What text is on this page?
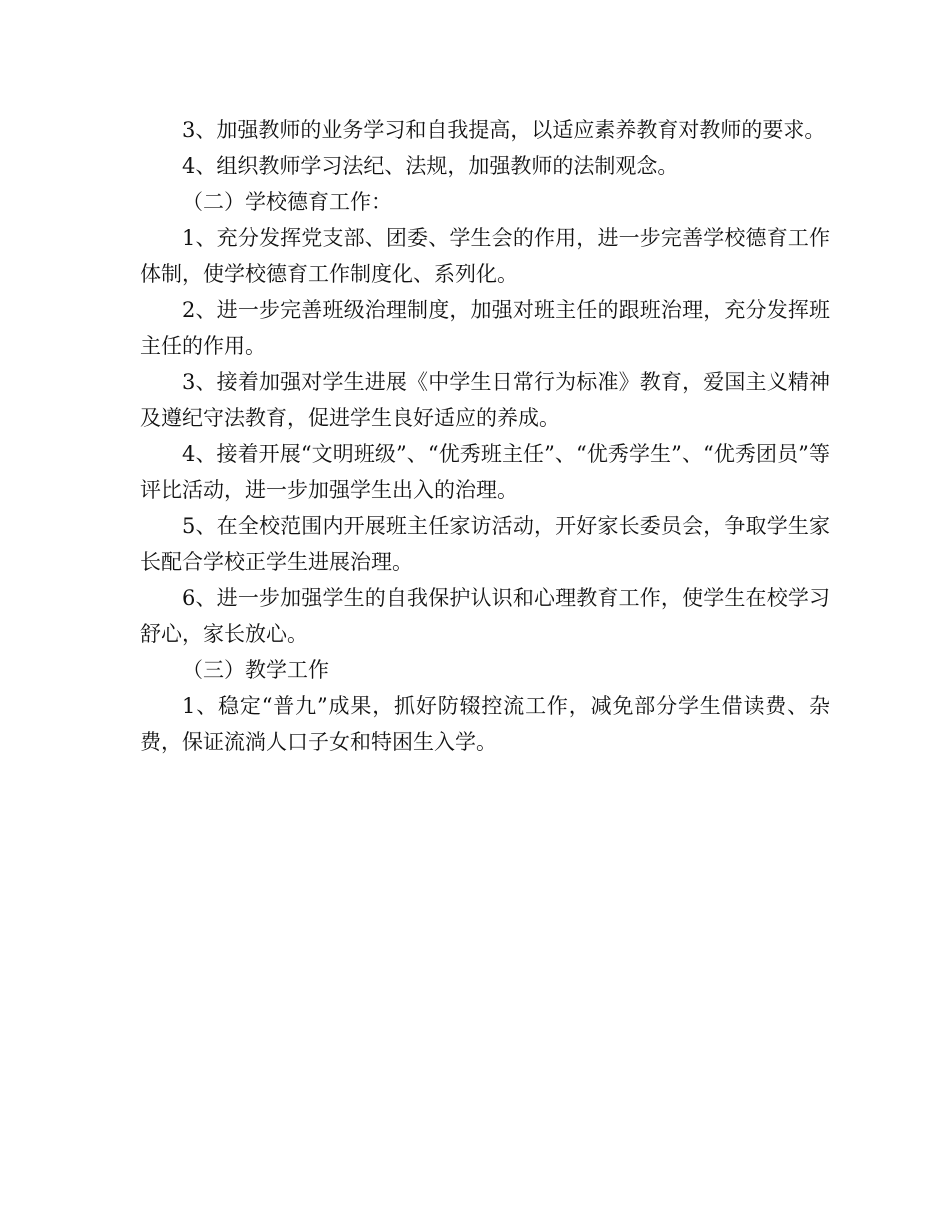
3、加强教师的业务学习和自我提高，以适应素养教育对教师的要求。

4、组织教师学习法纪、法规，加强教师的法制观念。

（二）学校德育工作：

1、充分发挥党支部、团委、学生会的作用，进一步完善学校德育工作体制，使学校德育工作制度化、系列化。

2、进一步完善班级治理制度，加强对班主任的跟班治理，充分发挥班主任的作用。

3、接着加强对学生进展《中学生日常行为标准》教育，爱国主义精神及遵纪守法教育，促进学生良好适应的养成。

4、接着开展“文明班级”、“优秀班主任”、“优秀学生”、“优秀团员”等评比活动，进一步加强学生出入的治理。

5、在全校范围内开展班主任家访活动，开好家长委员会，争取学生家长配合学校正学生进展治理。

6、进一步加强学生的自我保护认识和心理教育工作，使学生在校学习舒心，家长放心。

（三）教学工作

1、稳定“普九”成果，抓好防辍控流工作，减免部分学生借读费、杂费，保证流淌人口子女和特困生入学。
